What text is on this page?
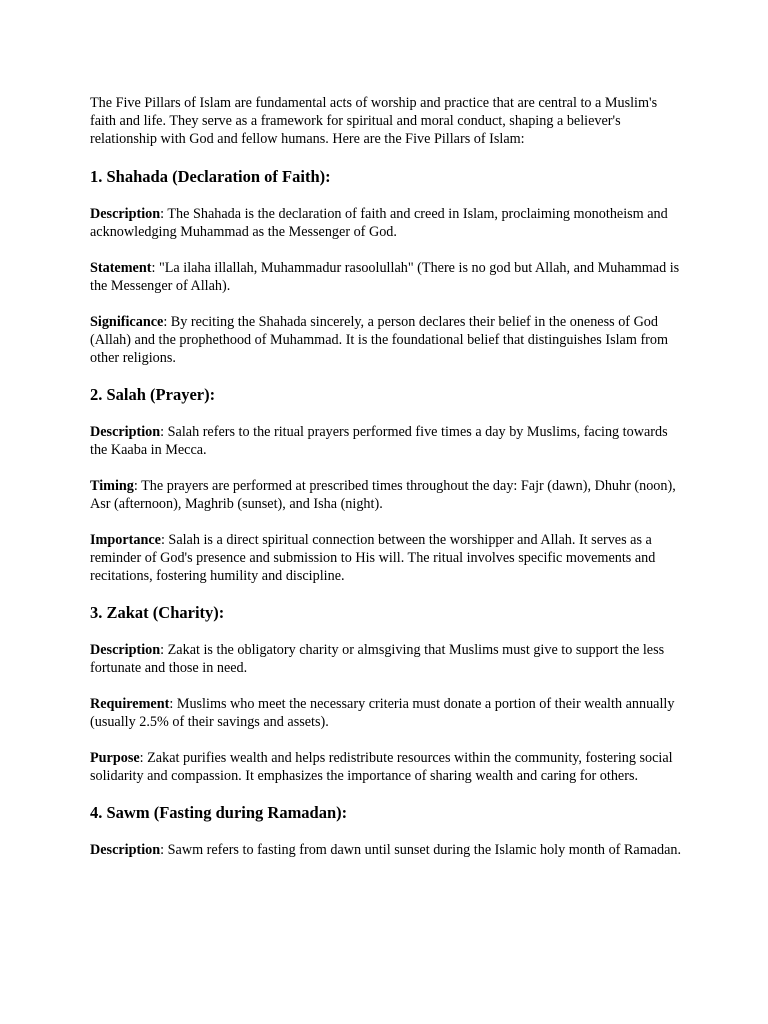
The Five Pillars of Islam are fundamental acts of worship and practice that are central to a Muslim's faith and life. They serve as a framework for spiritual and moral conduct, shaping a believer's relationship with God and fellow humans. Here are the Five Pillars of Islam:

1. Shahada (Declaration of Faith):

Description: The Shahada is the declaration of faith and creed in Islam, proclaiming monotheism and acknowledging Muhammad as the Messenger of God.

Statement: "La ilaha illallah, Muhammadur rasoolullah" (There is no god but Allah, and Muhammad is the Messenger of Allah).

Significance: By reciting the Shahada sincerely, a person declares their belief in the oneness of God (Allah) and the prophethood of Muhammad. It is the foundational belief that distinguishes Islam from other religions.

2. Salah (Prayer):

Description: Salah refers to the ritual prayers performed five times a day by Muslims, facing towards the Kaaba in Mecca.

Timing: The prayers are performed at prescribed times throughout the day: Fajr (dawn), Dhuhr (noon), Asr (afternoon), Maghrib (sunset), and Isha (night).

Importance: Salah is a direct spiritual connection between the worshipper and Allah. It serves as a reminder of God's presence and submission to His will. The ritual involves specific movements and recitations, fostering humility and discipline.

3. Zakat (Charity):

Description: Zakat is the obligatory charity or almsgiving that Muslims must give to support the less fortunate and those in need.

Requirement: Muslims who meet the necessary criteria must donate a portion of their wealth annually (usually 2.5% of their savings and assets).

Purpose: Zakat purifies wealth and helps redistribute resources within the community, fostering social solidarity and compassion. It emphasizes the importance of sharing wealth and caring for others.

4. Sawm (Fasting during Ramadan):

Description: Sawm refers to fasting from dawn until sunset during the Islamic holy month of Ramadan.
